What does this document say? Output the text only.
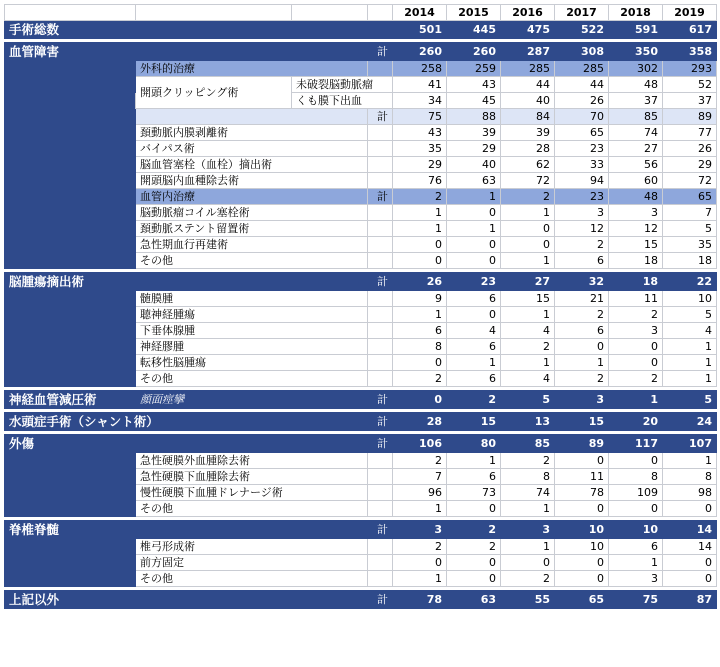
				2014	2015	2016	2017	2018	2019
手術総数				501	445	475	522	591	617

血管障害			計	260	260	287	308	350	358
	外科的治療			258	259	285	285	302	293
	開頭クリッピング術	未破裂脳動脈瘤		41	43	44	44	48	52
		くも膜下出血		34	45	40	26	37	37
			計	75	88	84	70	85	89
	頚動脈内膜剥離術			43	39	39	65	74	77
	バイパス術			35	29	28	23	27	26
	脳血管塞栓（血栓）摘出術			29	40	62	33	56	29
	開頭脳内血種除去術			76	63	72	94	60	72
	血管内治療		計	2	1	2	23	48	65
	脳動脈瘤コイル塞栓術			1	0	1	3	3	7
	頚動脈ステント留置術			1	1	0	12	12	5
	急性期血行再建術			0	0	0	2	15	35
	その他			0	0	1	6	18	18

脳腫瘍摘出術			計	26	23	27	32	18	22
	髄膜腫			9	6	15	21	11	10
	聴神経腫瘍			1	0	1	2	2	5
	下垂体腺腫			6	4	4	6	3	4
	神経膠腫			8	6	2	0	0	1
	転移性脳腫瘍			0	1	1	1	0	1
	その他			2	6	4	2	2	1

神経血管減圧術	顔面痙攣		計	0	2	5	3	1	5

水頭症手術（シャント術）			計	28	15	13	15	20	24

外傷			計	106	80	85	89	117	107
	急性硬膜外血腫除去術			2	1	2	0	0	1
	急性硬膜下血腫除去術			7	6	8	11	8	8
	慢性硬膜下血腫ドレナージ術			96	73	74	78	109	98
	その他			1	0	1	0	0	0

脊椎脊髄			計	3	2	3	10	10	14
	椎弓形成術			2	2	1	10	6	14
	前方固定			0	0	0	0	1	0
	その他			1	0	2	0	3	0

上記以外			計	78	63	55	65	75	87
